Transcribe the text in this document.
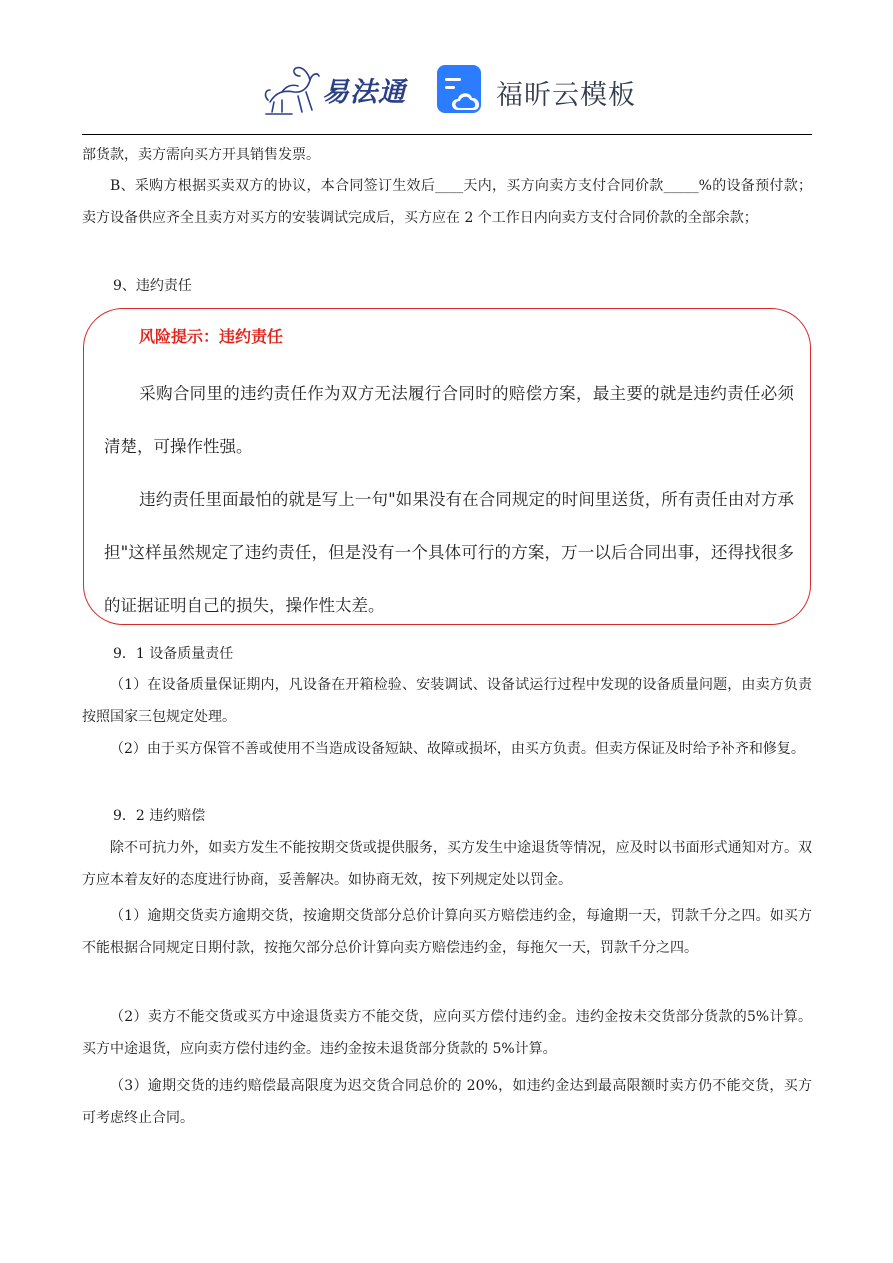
易法通	福昕云模板

部货款，卖方需向买方开具销售发票。

B、采购方根据买卖双方的协议，本合同签订生效后____天内，买方向卖方支付合同价款_____%的设备预付款；卖方设备供应齐全且卖方对买方的安装调试完成后，买方应在 2 个工作日内向卖方支付合同价款的全部余款；

9、违约责任

风险提示：违约责任

采购合同里的违约责任作为双方无法履行合同时的赔偿方案，最主要的就是违约责任必须清楚，可操作性强。

违约责任里面最怕的就是写上一句"如果没有在合同规定的时间里送货，所有责任由对方承担"这样虽然规定了违约责任，但是没有一个具体可行的方案，万一以后合同出事，还得找很多的证据证明自己的损失，操作性太差。

9．1 设备质量责任

（1）在设备质量保证期内，凡设备在开箱检验、安装调试、设备试运行过程中发现的设备质量问题，由卖方负责按照国家三包规定处理。

（2）由于买方保管不善或使用不当造成设备短缺、故障或损坏，由买方负责。但卖方保证及时给予补齐和修复。

9．2 违约赔偿

除不可抗力外，如卖方发生不能按期交货或提供服务，买方发生中途退货等情况，应及时以书面形式通知对方。双方应本着友好的态度进行协商，妥善解决。如协商无效，按下列规定处以罚金。

（1）逾期交货卖方逾期交货，按逾期交货部分总价计算向买方赔偿违约金，每逾期一天，罚款千分之四。如买方不能根据合同规定日期付款，按拖欠部分总价计算向卖方赔偿违约金，每拖欠一天，罚款千分之四。

（2）卖方不能交货或买方中途退货卖方不能交货，应向买方偿付违约金。违约金按未交货部分货款的5%计算。买方中途退货，应向卖方偿付违约金。违约金按未退货部分货款的 5%计算。

（3）逾期交货的违约赔偿最高限度为迟交货合同总价的 20%，如违约金达到最高限额时卖方仍不能交货，买方可考虑终止合同。
